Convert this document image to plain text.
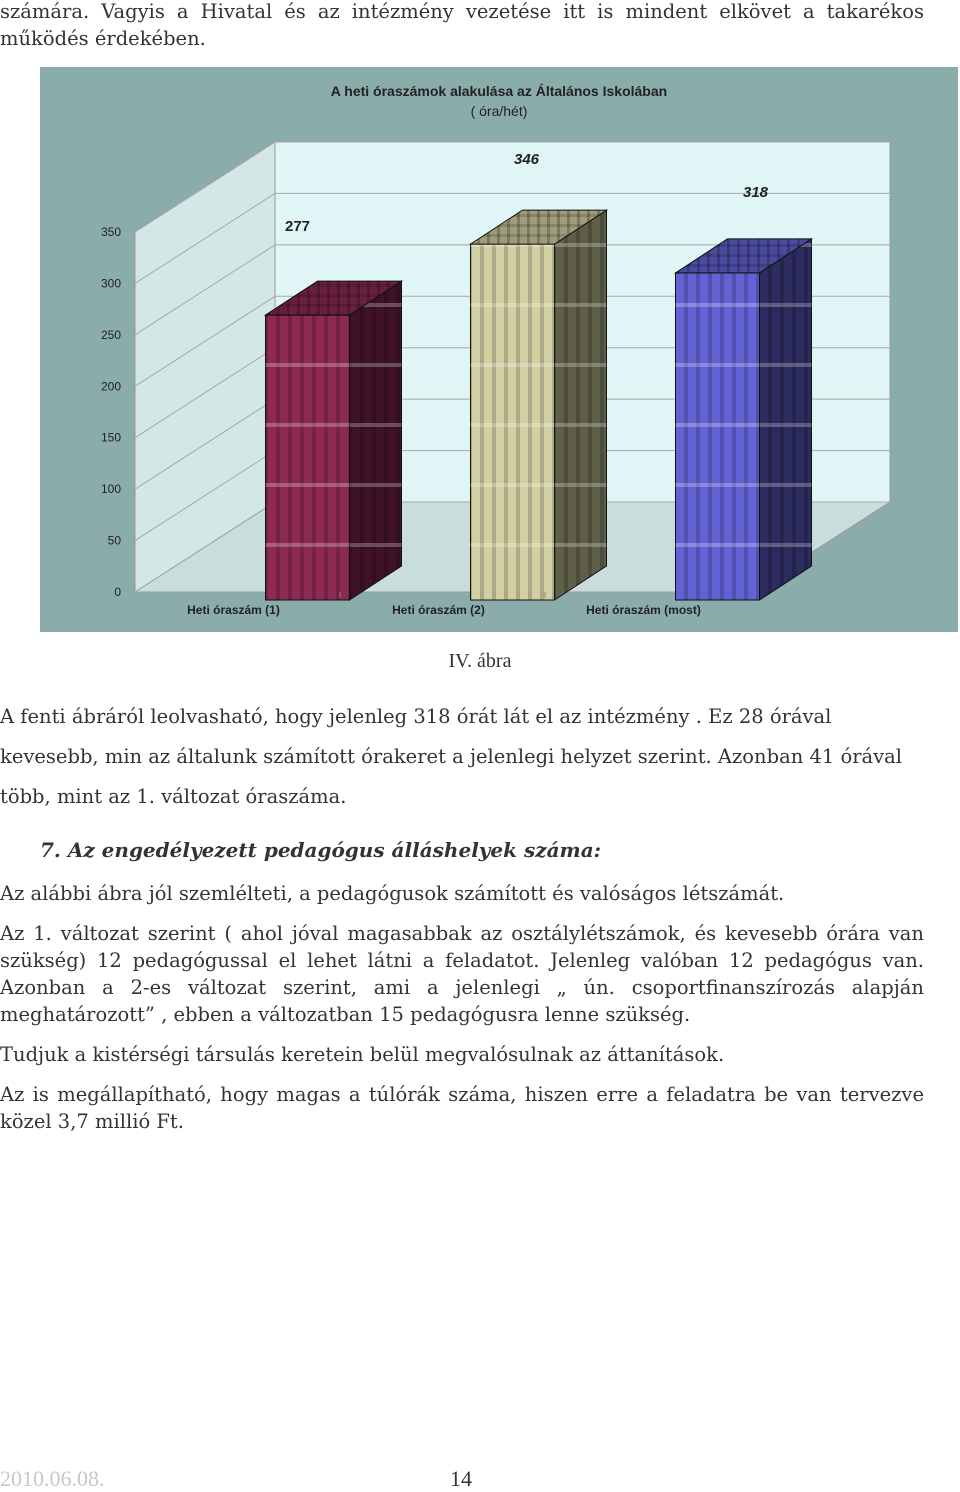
számára. Vagyis a Hivatal és az intézmény vezetése itt is mindent elkövet a takarékos működés érdekében.

0
50
100
150
200
250
300
350
Heti óraszám (1)	Heti óraszám (2)	Heti óraszám (most)
277
346
318
A heti óraszámok alakulása az Általános Iskolában
( óra/hét)
IV. ábra

A fenti ábráról leolvasható, hogy jelenleg 318 órát lát el az intézmény . Ez 28 órával kevesebb, min az általunk számított órakeret a jelenlegi helyzet szerint. Azonban 41 órával több, mint az 1. változat óraszáma.

7. Az engedélyezett pedagógus álláshelyek száma:

Az alábbi ábra jól szemlélteti, a pedagógusok számított és valóságos létszámát.

Az 1. változat szerint ( ahol jóval magasabbak az osztálylétszámok, és kevesebb órára van szükség) 12 pedagógussal el lehet látni a feladatot. Jelenleg valóban 12 pedagógus van. Azonban a 2-es változat szerint, ami a jelenlegi „ ún. csoportfinanszírozás alapján meghatározott” , ebben a változatban 15 pedagógusra lenne szükség.

Tudjuk a kistérségi társulás keretein belül megvalósulnak az áttanítások.

Az is megállapítható, hogy magas a túlórák száma, hiszen erre a feladatra be van tervezve közel 3,7 millió Ft.

2010.06.08.	14
